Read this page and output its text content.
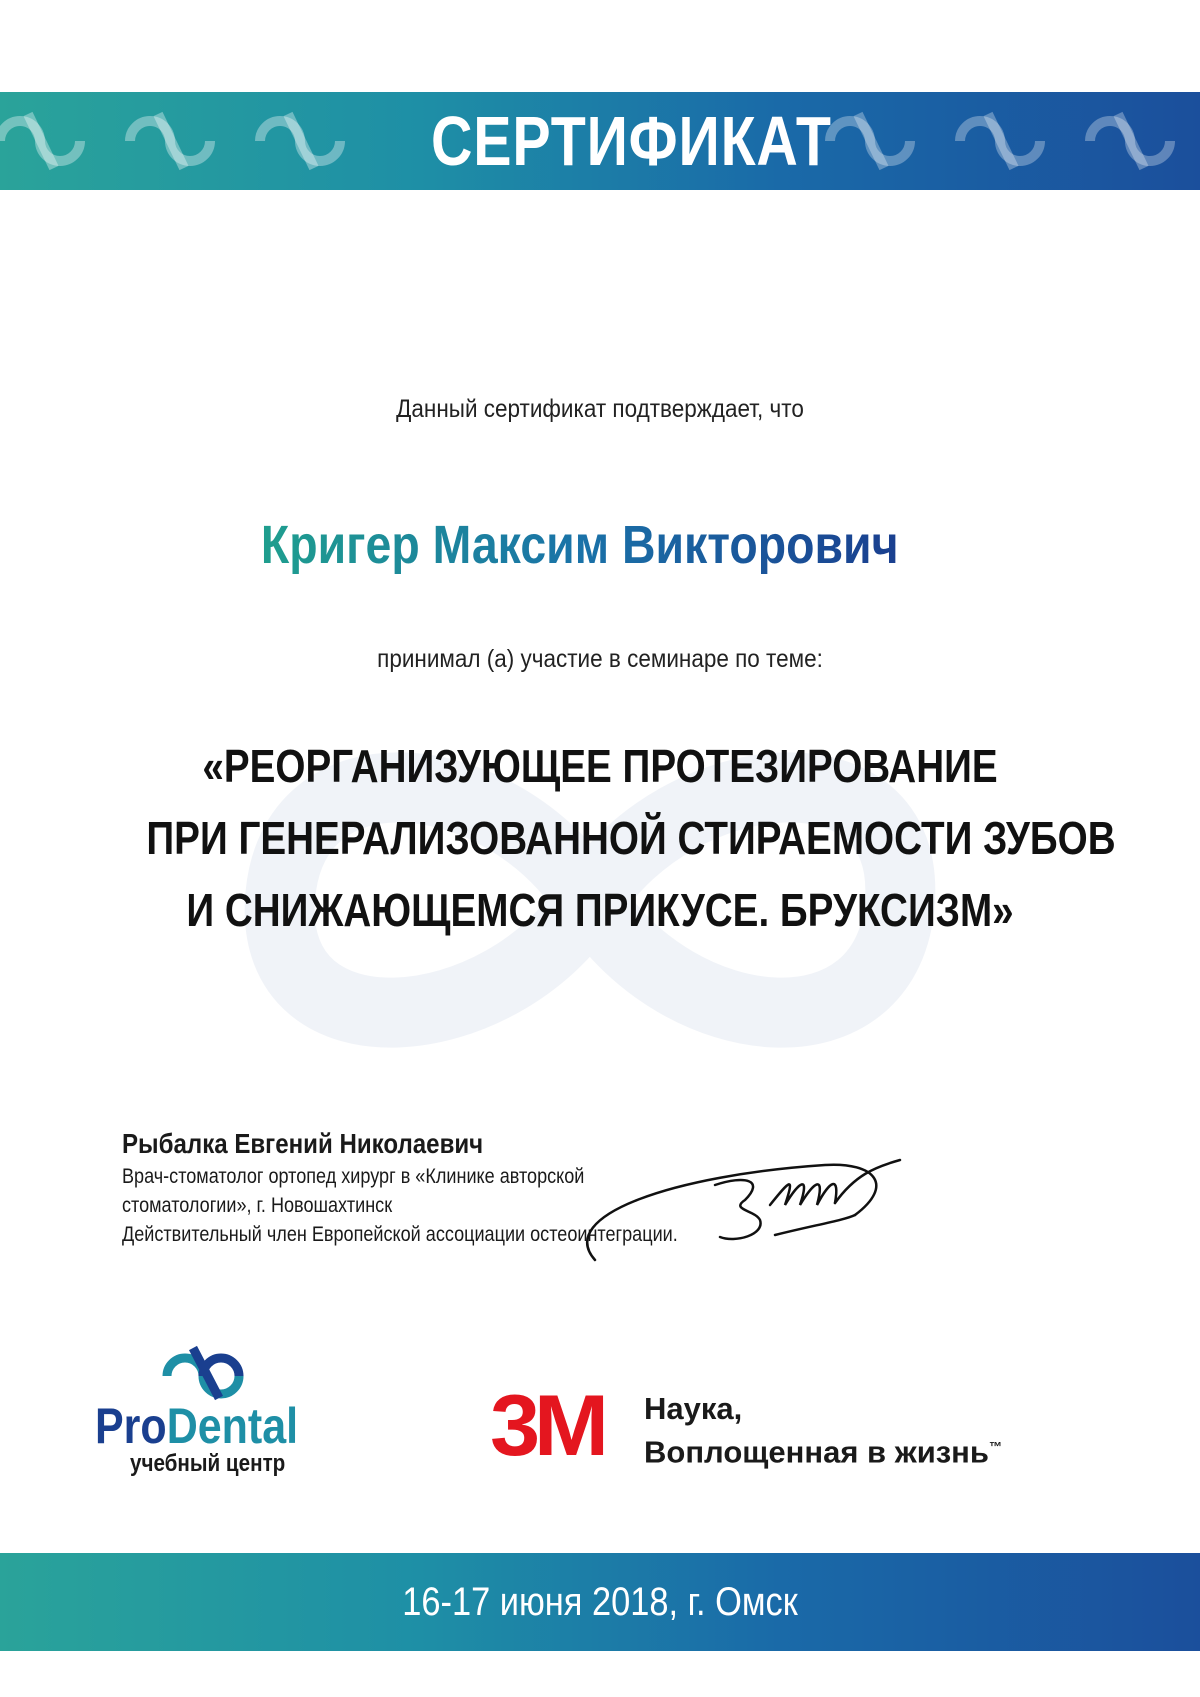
СЕРТИФИКАТ
Данный сертификат подтверждает, что
Кригер Максим Викторович
принимал (а) участие в семинаре по теме:
«РЕОРГАНИЗУЮЩЕЕ ПРОТЕЗИРОВАНИЕ
ПРИ ГЕНЕРАЛИЗОВАННОЙ СТИРАЕМОСТИ ЗУБОВ
И СНИЖАЮЩЕМСЯ ПРИКУСЕ. БРУКСИЗМ»
Рыбалка Евгений Николаевич
Врач-стоматолог ортопед хирург в «Клинике авторской
стоматологии», г. Новошахтинск
Действительный член Европейской ассоциации остеоинтеграции.
ProDental
учебный центр 3M	Наука,
Воплощенная в жизнь™
16-17 июня 2018, г. Омск
